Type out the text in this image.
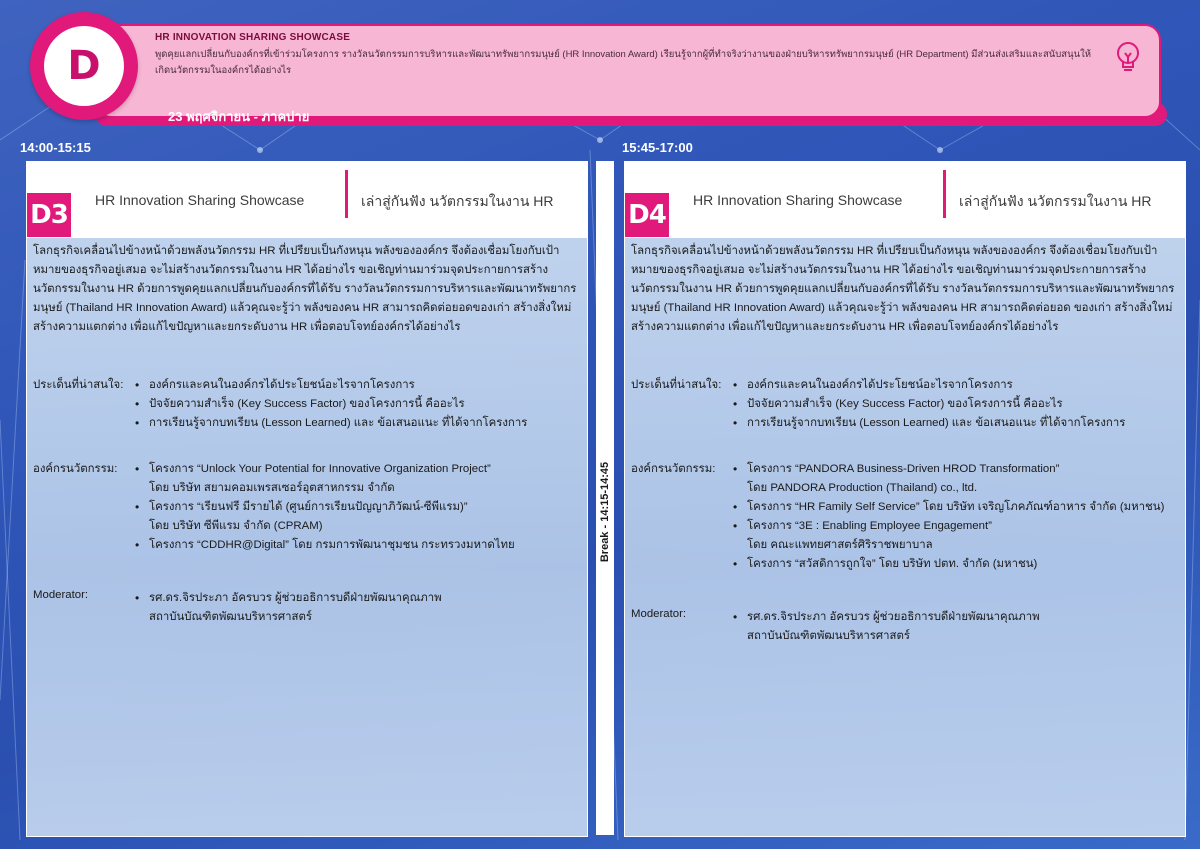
D
HR INNOVATION SHARING SHOWCASE
พูดคุยแลกเปลี่ยนกับองค์กรที่เข้าร่วมโครงการ รางวัลนวัตกรรมการบริหารและพัฒนาทรัพยากรมนุษย์ (HR Innovation Award) เรียนรู้จากผู้ที่ทำจริงว่างานของฝ่ายบริหารทรัพยากรมนุษย์ (HR Department) มีส่วนส่งเสริมและสนับสนุนให้เกิดนวัตกรรมในองค์กรได้อย่างไร
23 พฤศจิกายน - ภาคบ่าย
14:00-15:15	15:45-17:00
Break - 14:15-14:45
D3 HR Innovation Sharing Showcase	เล่าสู่กันฟัง นวัตกรรมในงาน HR

โลกธุรกิจเคลื่อนไปข้างหน้าด้วยพลังนวัตกรรม HR ที่เปรียบเป็นกังหนุน พลังขององค์กร จึงต้องเชื่อมโยงกับเป้าหมายของธุรกิจอยู่เสมอ จะไม่สร้างนวัตกรรมในงาน HR ได้อย่างไร ขอเชิญท่านมาร่วมจุดประกายการสร้างนวัตกรรมในงาน HR ด้วยการพูดคุยแลกเปลี่ยนกับองค์กรที่ได้รับ รางวัลนวัตกรรมการบริหารและพัฒนาทรัพยากรมนุษย์ (Thailand HR Innovation Award) แล้วคุณจะรู้ว่า พลังของคน HR สามารถคิดต่อยอดของเก่า สร้างสิ่งใหม่ สร้างความแตกต่าง เพื่อแก้ไขปัญหาและยกระดับงาน HR เพื่อตอบโจทย์องค์กรได้อย่างไร

ประเด็นที่น่าสนใจ:	• องค์กรและคนในองค์กรได้ประโยชน์อะไรจากโครงการ
• ปัจจัยความสำเร็จ (Key Success Factor) ของโครงการนี้ คืออะไร
• การเรียนรู้จากบทเรียน (Lesson Learned) และ ข้อเสนอแนะ ที่ได้จากโครงการ
องค์กรนวัตกรรม:	• โครงการ “Unlock Your Potential for Innovative Organization Project”
โดย บริษัท สยามคอมเพรสเซอร์อุตสาหกรรม จำกัด
• โครงการ “เรียนฟรี มีรายได้ (ศูนย์การเรียนปัญญาภิวัฒน์-ซีพีแรม)”
โดย บริษัท ซีพีแรม จำกัด (CPRAM)
• โครงการ “CDDHR@Digital” โดย กรมการพัฒนาชุมชน กระทรวงมหาดไทย
Moderator:	• รศ.ดร.จิรประภา อัครบวร ผู้ช่วยอธิการบดีฝ่ายพัฒนาคุณภาพ
สถาบันบัณฑิตพัฒนบริหารศาสตร์
D4 HR Innovation Sharing Showcase	เล่าสู่กันฟัง นวัตกรรมในงาน HR

โลกธุรกิจเคลื่อนไปข้างหน้าด้วยพลังนวัตกรรม HR ที่เปรียบเป็นกังหนุน พลังขององค์กร จึงต้องเชื่อมโยงกับเป้าหมายของธุรกิจอยู่เสมอ จะไม่สร้างนวัตกรรมในงาน HR ได้อย่างไร ขอเชิญท่านมาร่วมจุดประกายการสร้างนวัตกรรมในงาน HR ด้วยการพูดคุยแลกเปลี่ยนกับองค์กรที่ได้รับ รางวัลนวัตกรรมการบริหารและพัฒนาทรัพยากรมนุษย์ (Thailand HR Innovation Award) แล้วคุณจะรู้ว่า พลังของคน HR สามารถคิดต่อยอด ของเก่า สร้างสิ่งใหม่ สร้างความแตกต่าง เพื่อแก้ไขปัญหาและยกระดับงาน HR เพื่อตอบโจทย์องค์กรได้อย่างไร

ประเด็นที่น่าสนใจ:	• องค์กรและคนในองค์กรได้ประโยชน์อะไรจากโครงการ
• ปัจจัยความสำเร็จ (Key Success Factor) ของโครงการนี้ คืออะไร
• การเรียนรู้จากบทเรียน (Lesson Learned) และ ข้อเสนอแนะ ที่ได้จากโครงการ
องค์กรนวัตกรรม:	• โครงการ “PANDORA Business-Driven HROD Transformation”
โดย PANDORA Production (Thailand) co., ltd.
• โครงการ “HR Family Self Service” โดย บริษัท เจริญโภคภัณฑ์อาหาร จำกัด (มหาชน)
• โครงการ “3E : Enabling Employee Engagement”
โดย คณะแพทยศาสตร์ศิริราชพยาบาล
• โครงการ “สวัสดิการถูกใจ” โดย บริษัท ปตท. จำกัด (มหาชน)
Moderator:	• รศ.ดร.จิรประภา อัครบวร ผู้ช่วยอธิการบดีฝ่ายพัฒนาคุณภาพ
สถาบันบัณฑิตพัฒนบริหารศาสตร์
